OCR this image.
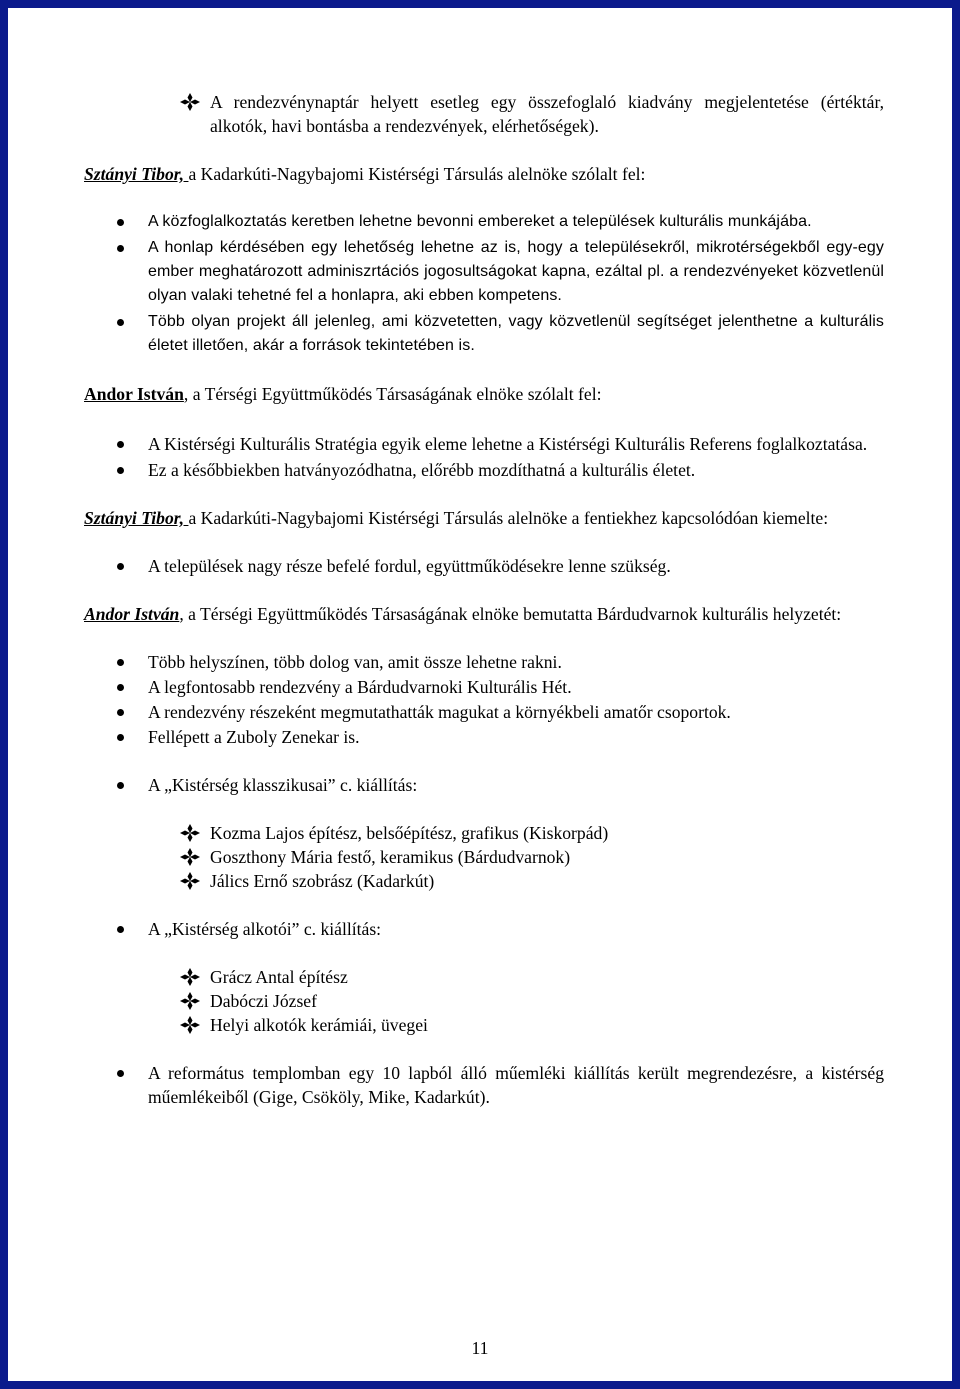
A rendezvénynaptár helyett esetleg egy összefoglaló kiadvány megjelentetése (értéktár, alkotók, havi bontásba a rendezvények, elérhetőségek).

Sztányi Tibor, a Kadarkúti-Nagybajomi Kistérségi Társulás alelnöke szólalt fel:

A közfoglalkoztatás keretben lehetne bevonni embereket a települések kulturális munkájába.

A honlap kérdésében egy lehetőség lehetne az is, hogy a településekről, mikrotérségekből egy-egy ember meghatározott adminiszrtációs jogosultságokat kapna, ezáltal pl. a rendezvényeket közvetlenül olyan valaki tehetné fel a honlapra, aki ebben kompetens.

Több olyan projekt áll jelenleg, ami közvetetten, vagy közvetlenül segítséget jelenthetne a kulturális életet illetően, akár a források tekintetében is.

Andor István, a Térségi Együttműködés Társaságának elnöke szólalt fel:

A Kistérségi Kulturális Stratégia egyik eleme lehetne a Kistérségi Kulturális Referens foglalkoztatása.

Ez a későbbiekben hatványozódhatna, előrébb mozdíthatná a kulturális életet.

Sztányi Tibor, a Kadarkúti-Nagybajomi Kistérségi Társulás alelnöke a fentiekhez kapcsolódóan kiemelte:

A települések nagy része befelé fordul, együttműködésekre lenne szükség.

Andor István, a Térségi Együttműködés Társaságának elnöke bemutatta Bárdudvarnok kulturális helyzetét:

Több helyszínen, több dolog van, amit össze lehetne rakni.

A legfontosabb rendezvény a Bárdudvarnoki Kulturális Hét.

A rendezvény részeként megmutathatták magukat a környékbeli amatőr csoportok.

Fellépett a Zuboly Zenekar is.

A „Kistérség klasszikusai” c. kiállítás:

Kozma Lajos építész, belsőépítész, grafikus (Kiskorpád)

Goszthony Mária festő, keramikus (Bárdudvarnok)

Jálics Ernő szobrász (Kadarkút)

A „Kistérség alkotói” c. kiállítás:

Grácz Antal építész

Dabóczi József

Helyi alkotók kerámiái, üvegei

A református templomban egy 10 lapból álló műemléki kiállítás került megrendezésre, a kistérség műemlékeiből (Gige, Csököly, Mike, Kadarkút).

11
